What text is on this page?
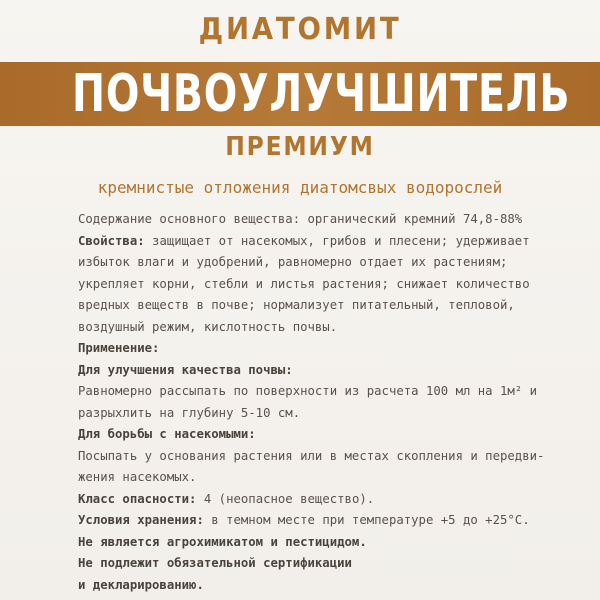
ДИАТОМИТ
ПОЧВОУЛУЧШИТЕЛЬ
ПРЕМИУМ
кремнистые отложения диатомсвых водорослей
Содержание основного вещества: органический кремний 74,8-88%
Свойства: защищает от насекомых, грибов и плесени; удерживает
избыток влаги и удобрений, равномерно отдает их растениям;
укрепляет корни, стебли и листья растения; снижает количество
вредных веществ в почве; нормализует питательный, тепловой,
воздушный режим, кислотность почвы.
Применение:
Для улучшения качества почвы:
Равномерно рассыпать по поверхности из расчета 100 мл на 1м² и
разрыхлить на глубину 5-10 см.
Для борьбы с насекомыми:
Посыпать у основания растения или в местах скопления и передви-
жения насекомых.
Класс опасности: 4 (неопасное вещество).
Условия хранения: в темном месте при температуре +5 до +25°С.
Не является агрохимикатом и пестицидом.
Не подлежит обязательной сертификации
и декларированию.
